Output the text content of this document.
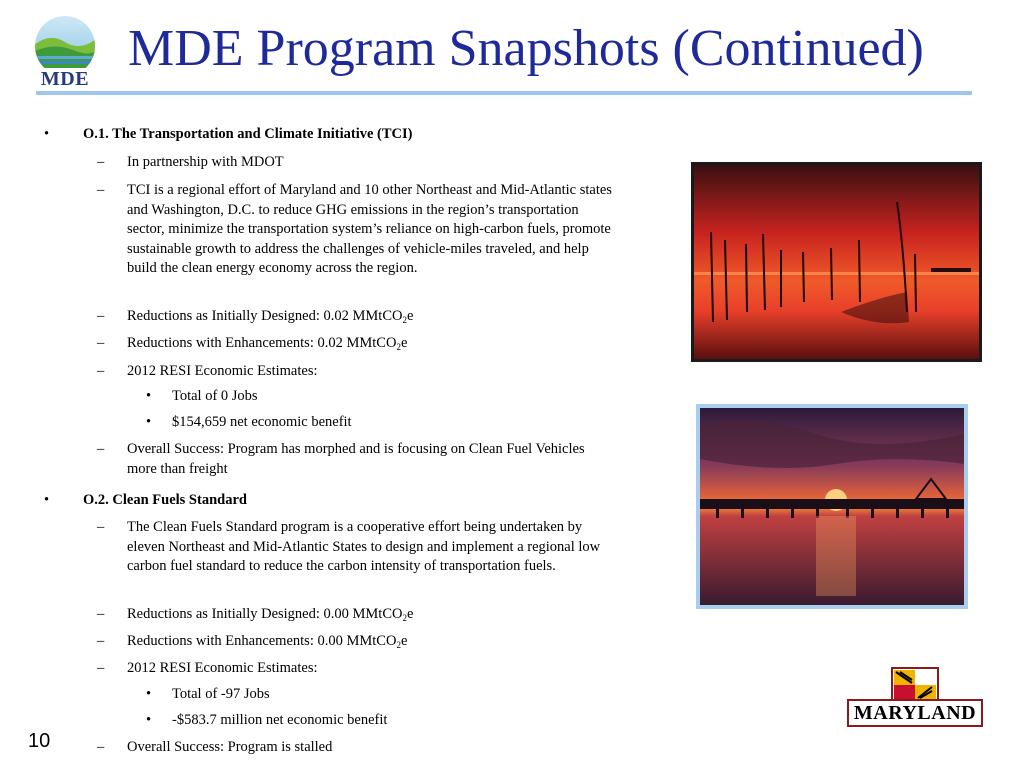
MDE
MDE Program Snapshots (Continued)
• O.1. The Transportation and Climate Initiative (TCI)
– In partnership with MDOT
– TCI is a regional effort of Maryland and 10 other Northeast and Mid-Atlantic states and Washington, D.C. to reduce GHG emissions in the region’s transportation sector, minimize the transportation system’s reliance on high-carbon fuels, promote sustainable growth to address the challenges of vehicle-miles traveled, and help build the clean energy economy across the region.
– Reductions as Initially Designed: 0.02 MMtCO$_2$e
– Reductions with Enhancements: 0.02 MMtCO$_2$e
– 2012 RESI Economic Estimates:
• Total of 0 Jobs
• $154,659 net economic benefit
– Overall Success: Program has morphed and is focusing on Clean Fuel Vehicles more than freight
• O.2. Clean Fuels Standard
– The Clean Fuels Standard program is a cooperative effort being undertaken by eleven Northeast and Mid-Atlantic States to design and implement a regional low carbon fuel standard to reduce the carbon intensity of transportation fuels.
– Reductions as Initially Designed: 0.00 MMtCO$_2$e
– Reductions with Enhancements: 0.00 MMtCO$_2$e
– 2012 RESI Economic Estimates:
• Total of -97 Jobs
• -$583.7 million net economic benefit
– Overall Success: Program is stalled
MARYLAND
10
